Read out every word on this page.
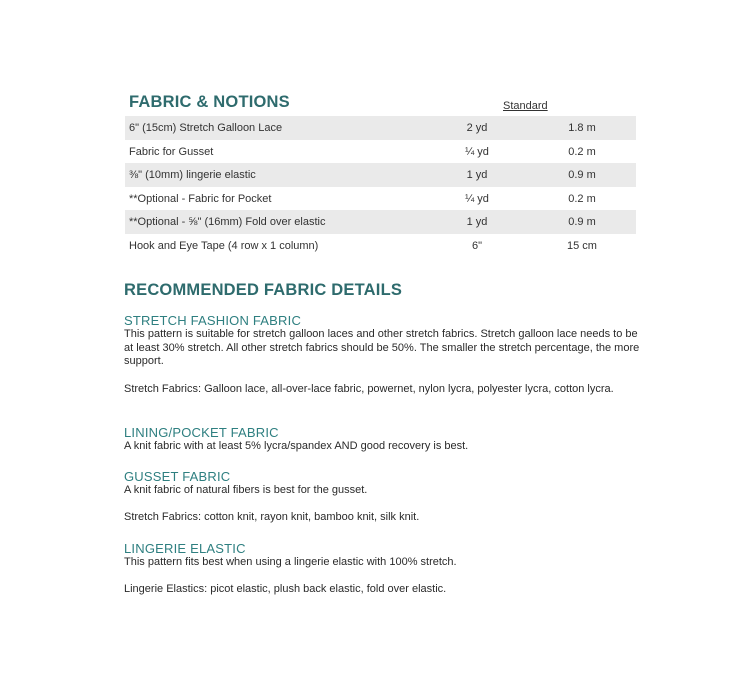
FABRIC & NOTIONS	Standard
6" (15cm) Stretch Galloon Lace	2 yd	1.8 m
Fabric for Gusset	¼ yd	0.2 m
⅜" (10mm) lingerie elastic	1 yd	0.9 m
**Optional - Fabric for Pocket	¼ yd	0.2 m
**Optional - ⅝" (16mm) Fold over elastic	1 yd	0.9 m
Hook and Eye Tape (4 row x 1 column)	6"	15 cm
RECOMMENDED FABRIC DETAILS
STRETCH FASHION FABRIC

This pattern is suitable for stretch galloon laces and other stretch fabrics. Stretch galloon lace needs to be at least 30% stretch. All other stretch fabrics should be 50%. The smaller the stretch percentage, the more support.

Stretch Fabrics: Galloon lace, all-over-lace fabric, powernet, nylon lycra, polyester lycra, cotton lycra.

LINING/POCKET FABRIC

A knit fabric with at least 5% lycra/spandex AND good recovery is best.

GUSSET FABRIC

A knit fabric of natural fibers is best for the gusset.

Stretch Fabrics: cotton knit, rayon knit, bamboo knit, silk knit.

LINGERIE ELASTIC

This pattern fits best when using a lingerie elastic with 100% stretch.

Lingerie Elastics: picot elastic, plush back elastic, fold over elastic.
